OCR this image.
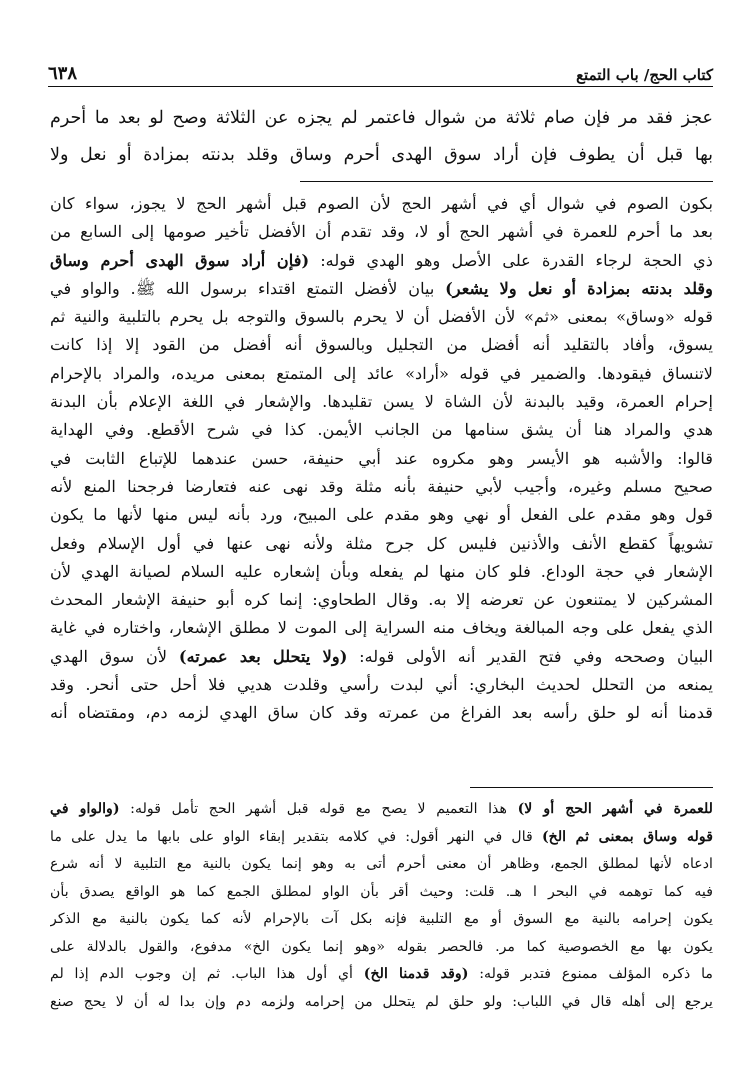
كتاب الحج/ باب التمتع
٦٣٨
عجز فقد مر فإن صام ثلاثة من شوال فاعتمر لم يجزه عن الثلاثة وصح لو بعد ما أحرم
بها قبل أن يطوف فإن أراد سوق الهدى أحرم وساق وقلد بدنته بمزادة أو نعل ولا
بكون الصوم في شوال أي في أشهر الحج لأن الصوم قبل أشهر الحج لا يجوز، سواء كان
بعد ما أحرم للعمرة في أشهر الحج أو لا، وقد تقدم أن الأفضل تأخير صومها إلى السابع من
ذي الحجة لرجاء القدرة على الأصل وهو الهدي قوله: (فإن أراد سوق الهدى أحرم وساق
وقلد بدنته بمزادة أو نعل ولا يشعر) بيان لأفضل التمتع اقتداء برسول الله ﷺ. والواو في
قوله «وساق» بمعنى «ثم» لأن الأفضل أن لا يحرم بالسوق والتوجه بل يحرم بالتلبية والنية ثم
يسوق، وأفاد بالتقليد أنه أفضل من التجليل وبالسوق أنه أفضل من القود إلا إذا كانت
لاتنساق فيقودها. والضمير في قوله «أراد» عائد إلى المتمتع بمعنى مريده، والمراد بالإحرام
إحرام العمرة، وقيد بالبدنة لأن الشاة لا يسن تقليدها. والإشعار في اللغة الإعلام بأن البدنة
هدي والمراد هنا أن يشق سنامها من الجانب الأيمن. كذا في شرح الأقطع. وفي الهداية
قالوا: والأشبه هو الأيسر وهو مكروه عند أبي حنيفة، حسن عندهما للإتباع الثابت في
صحيح مسلم وغيره، وأجيب لأبي حنيفة بأنه مثلة وقد نهى عنه فتعارضا فرجحنا المنع لأنه
قول وهو مقدم على الفعل أو نهي وهو مقدم على المبيح، ورد بأنه ليس منها لأنها ما يكون
تشويهاً كقطع الأنف والأذنين فليس كل جرح مثلة ولأنه نهى عنها في أول الإسلام وفعل
الإشعار في حجة الوداع. فلو كان منها لم يفعله وبأن إشعاره عليه السلام لصيانة الهدي لأن
المشركين لا يمتنعون عن تعرضه إلا به. وقال الطحاوي: إنما كره أبو حنيفة الإشعار المحدث
الذي يفعل على وجه المبالغة ويخاف منه السراية إلى الموت لا مطلق الإشعار، واختاره في غاية
البيان وصححه وفي فتح القدير أنه الأولى قوله: (ولا يتحلل بعد عمرته) لأن سوق الهدي
يمنعه من التحلل لحديث البخاري: أني لبدت رأسي وقلدت هديي فلا أحل حتى أنحر. وقد
قدمنا أنه لو حلق رأسه بعد الفراغ من عمرته وقد كان ساق الهدي لزمه دم، ومقتضاه أنه
للعمرة في أشهر الحج أو لا) هذا التعميم لا يصح مع قوله قبل أشهر الحج تأمل قوله: (والواو في
قوله وساق بمعنى ثم الخ) قال في النهر أقول: في كلامه بتقدير إبقاء الواو على بابها ما يدل على ما
ادعاه لأنها لمطلق الجمع، وظاهر أن معنى أحرم أتى به وهو إنما يكون بالنية مع التلبية لا أنه شرع
فيه كما توهمه في البحر ا هـ. قلت: وحيث أقر بأن الواو لمطلق الجمع كما هو الواقع يصدق بأن
يكون إحرامه بالنية مع السوق أو مع التلبية فإنه بكل آت بالإحرام لأنه كما يكون بالنية مع الذكر
يكون بها مع الخصوصية كما مر. فالحصر بقوله «وهو إنما يكون الخ» مدفوع، والقول بالدلالة على
ما ذكره المؤلف ممنوع فتدبر قوله: (وقد قدمنا الخ) أي أول هذا الباب. ثم إن وجوب الدم إذا لم
يرجع إلى أهله قال في اللباب: ولو حلق لم يتحلل من إحرامه ولزمه دم وإن بدا له أن لا يحج صنع
